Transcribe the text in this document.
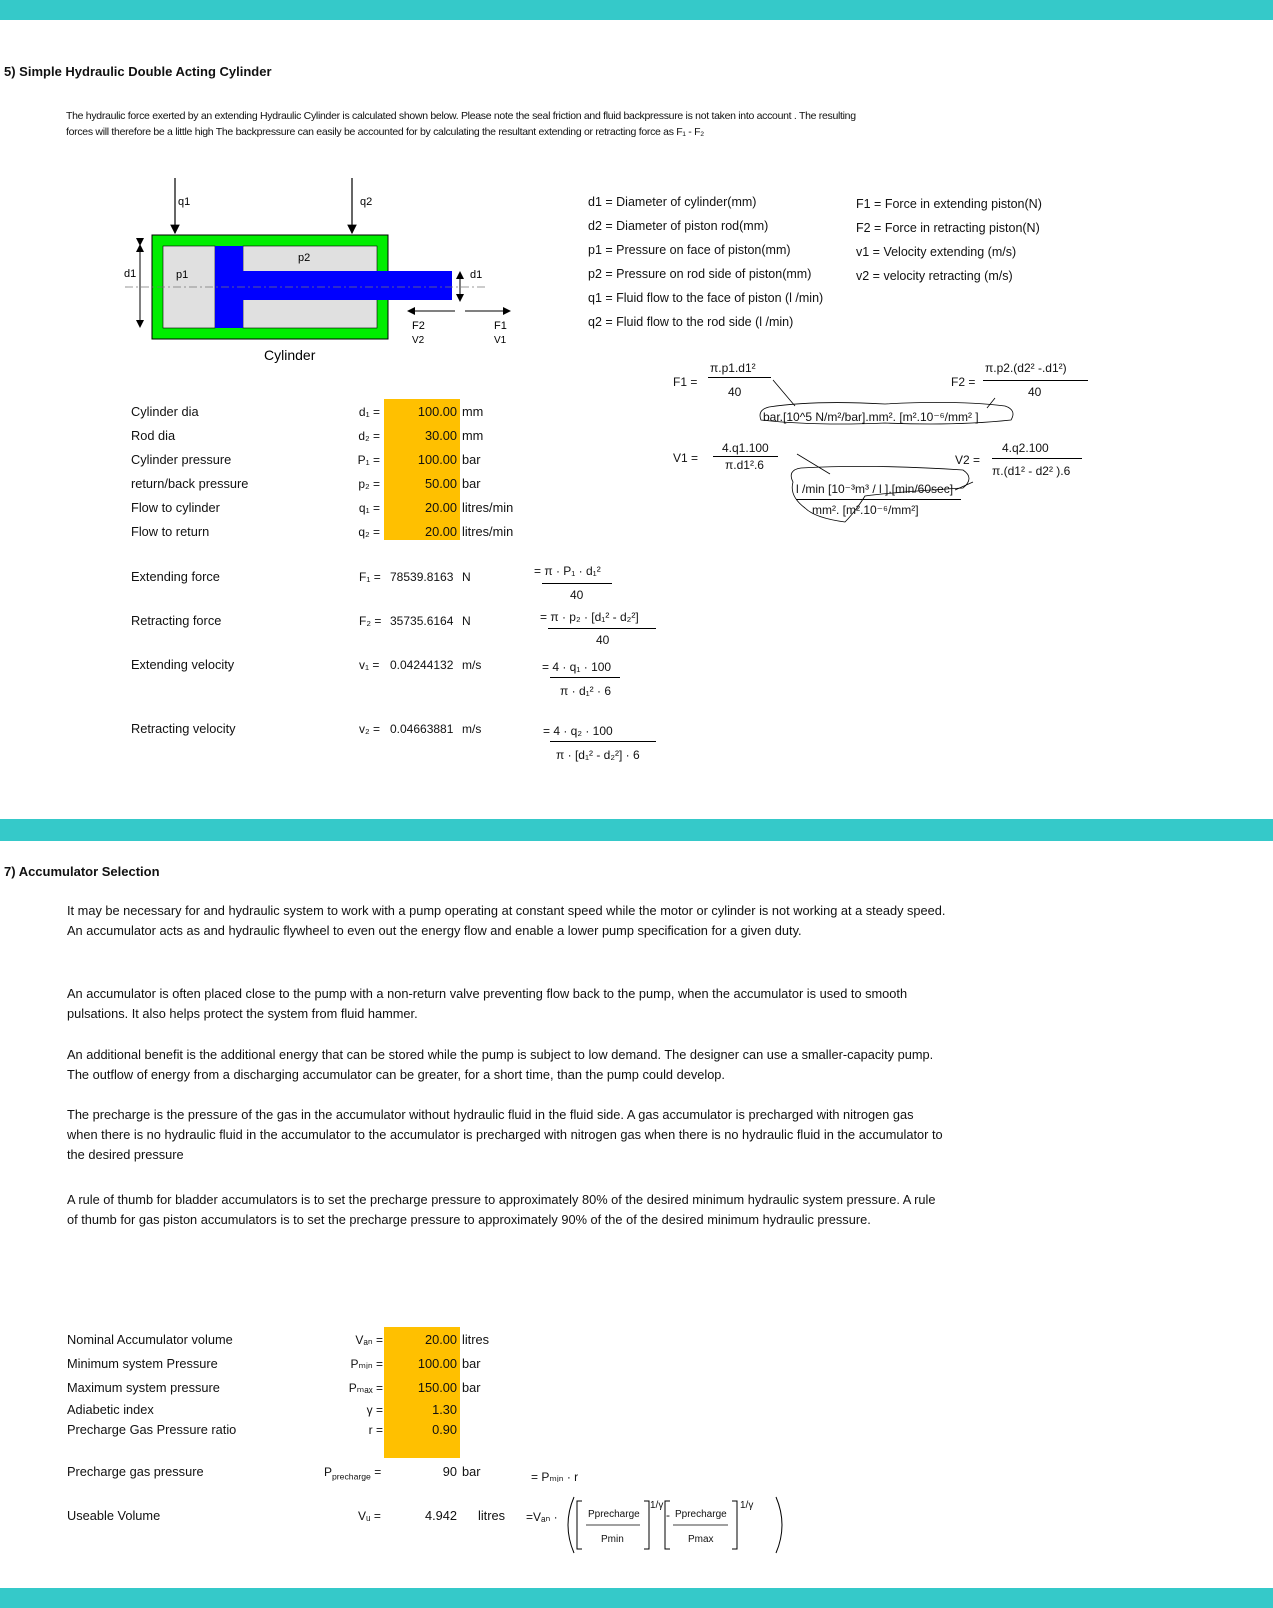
5) Simple Hydraulic Double Acting Cylinder
The hydraulic force exerted by an extending Hydraulic Cylinder is calculated shown below. Please note the seal friction and fluid backpressure is not taken into account . The resulting
forces will therefore be a little high The backpressure can easily be accounted for by calculating the resultant extending or retracting force as F₁ - F₂
q1	q2
p1
p2
d1	d1
F2
V2
F1
V1
Cylinder
d1 = Diameter of cylinder(mm)
d2 = Diameter of piston rod(mm)
p1 = Pressure on face of piston(mm)
p2 = Pressure on rod side of piston(mm)
q1 = Fluid flow to the face of piston (l /min)
q2 = Fluid flow to the rod side (l /min)
F1 = Force in extending piston(N)
F2 = Force in retracting piston(N)
v1 = Velocity extending (m/s)
v2 = velocity retracting (m/s)
F1 =
π.p1.d1²
40
F2 =
π.p2.(d2² -.d1²)
40
bar.[10^5 N/m²/bar].mm². [m².10⁻⁶/mm² ]
V1 =
4.q1.100
π.d1².6	V2 =
4.q2.100
π.(d1² - d2² ).6
l /min [10⁻³m³ / l ].[min/60sec]
mm². [m².10⁻⁶/mm²]
Cylinder dia	d₁ =	100.00 mm
Rod dia	d₂ =	30.00 mm
Cylinder pressure	P₁ =	100.00 bar
return/back pressure	p₂ =	50.00 bar
Flow to cylinder	q₁ =	20.00 litres/min
Flow to return	q₂ =	20.00 litres/min
Extending force	F₁ = 78539.8163 N	= π · P₁ · d₁²
40
Retracting force	F₂ = 35735.6164 N	= π · p₂ · [d₁² - d₂²]
40
Extending velocity	v₁ = 0.04244132 m/s	= 4 · q₁ · 100
π · d₁² · 6
Retracting velocity	v₂ = 0.04663881 m/s	= 4 · q₂ · 100
π · [d₁² - d₂²] · 6
7) Accumulator Selection
It may be necessary for and hydraulic system to work with a pump operating at constant speed while the motor or cylinder is not working at a steady speed. An accumulator acts as and hydraulic flywheel to even out the energy flow and enable a lower pump specification for a given duty.
An accumulator is often placed close to the pump with a non-return valve preventing flow back to the pump, when the accumulator is used to smooth pulsations. It also helps protect the system from fluid hammer.
An additional benefit is the additional energy that can be stored while the pump is subject to low demand. The designer can use a smaller-capacity pump. The outflow of energy from a discharging accumulator can be greater, for a short time, than the pump could develop.
The precharge is the pressure of the gas in the accumulator without hydraulic fluid in the fluid side. A gas accumulator is precharged with nitrogen gas when there is no hydraulic fluid in the accumulator to the accumulator is precharged with nitrogen gas when there is no hydraulic fluid in the accumulator to the desired pressure
A rule of thumb for bladder accumulators is to set the precharge pressure to approximately 80% of the desired minimum hydraulic system pressure. A rule of thumb for gas piston accumulators is to set the precharge pressure to approximately 90% of the of the desired minimum hydraulic pressure.
Nominal Accumulator volume	Vₐₙ =	20.00 litres
Minimum system Pressure	Pₘᵢₙ =	100.00 bar
Maximum system pressure	Pₘₐₓ =	150.00 bar
Adiabetic index	γ =	1.30
Precharge Gas Pressure ratio	r =	0.90
Precharge gas pressure	$P_{precharge}$ =	90 bar	= Pₘᵢₙ · r
Useable Volume	Vᵤ =	4.942 litres =Vₐₙ ·	Pprecharge
Pmin
1/γ
- Pprecharge
Pmax
1/γ
